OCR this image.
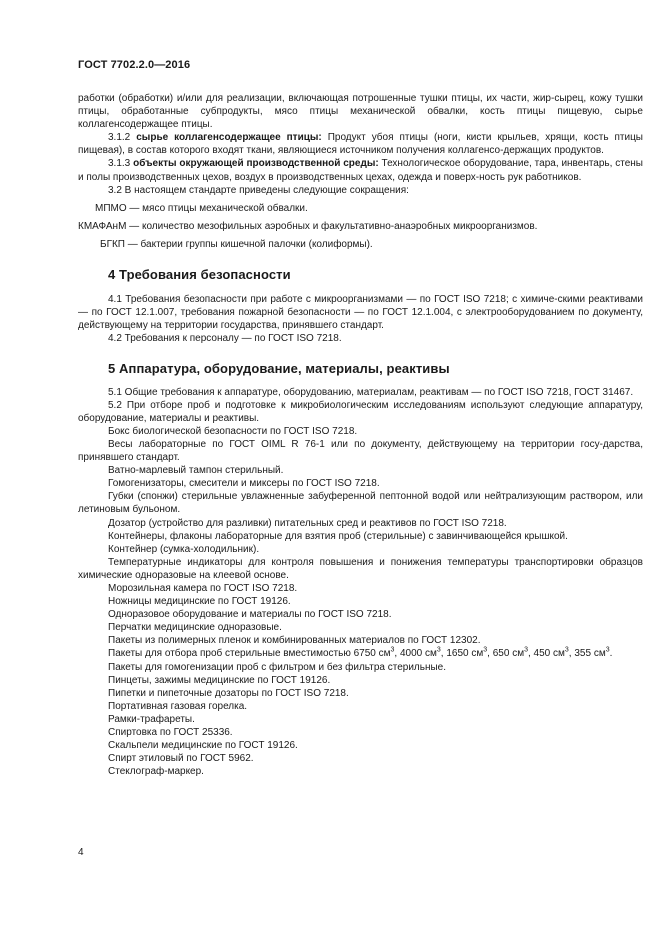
ГОСТ 7702.2.0—2016

работки (обработки) и/или для реализации, включающая потрошенные тушки птицы, их части, жир-сырец, кожу тушки птицы, обработанные субпродукты, мясо птицы механической обвалки, кость птицы пищевую, сырье коллагенсодержащее птицы.

3.1.2 сырье коллагенсодержащее птицы: Продукт убоя птицы (ноги, кисти крыльев, хрящи, кость птицы пищевая), в состав которого входят ткани, являющиеся источником получения коллагенсо-держащих продуктов.

3.1.3 объекты окружающей производственной среды: Технологическое оборудование, тара, инвентарь, стены и полы производственных цехов, воздух в производственных цехах, одежда и поверх-ность рук работников.

3.2 В настоящем стандарте приведены следующие сокращения:

МПМО — мясо птицы механической обвалки.

КМАФАнМ — количество мезофильных аэробных и факультативно-анаэробных микроорганизмов.

БГКП — бактерии группы кишечной палочки (колиформы).

4 Требования безопасности

4.1 Требования безопасности при работе с микроорганизмами — по ГОСТ ISO 7218; с химиче-скими реактивами — по ГОСТ 12.1.007, требования пожарной безопасности — по ГОСТ 12.1.004, с электрооборудованием по документу, действующему на территории государства, принявшего стандарт.

4.2 Требования к персоналу — по ГОСТ ISO 7218.

5 Аппаратура, оборудование, материалы, реактивы

5.1 Общие требования к аппаратуре, оборудованию, материалам, реактивам — по ГОСТ ISO 7218, ГОСТ 31467.

5.2 При отборе проб и подготовке к микробиологическим исследованиям используют следующие аппаратуру, оборудование, материалы и реактивы.

Бокс биологической безопасности по ГОСТ ISO 7218.

Весы лабораторные по ГОСТ OIML R 76-1 или по документу, действующему на территории госу-дарства, принявшего стандарт.

Ватно-марлевый тампон стерильный.

Гомогенизаторы, смесители и миксеры по ГОСТ ISO 7218.

Губки (спонжи) стерильные увлажненные забуференной пептонной водой или нейтрализующим раствором, или летиновым бульоном.

Дозатор (устройство для разливки) питательных сред и реактивов по ГОСТ ISO 7218.

Контейнеры, флаконы лабораторные для взятия проб (стерильные) с завинчивающейся крышкой.

Контейнер (сумка-холодильник).

Температурные индикаторы для контроля повышения и понижения температуры транспортировки образцов химические одноразовые на клеевой основе.

Морозильная камера по ГОСТ ISO 7218.

Ножницы медицинские по ГОСТ 19126.

Одноразовое оборудование и материалы по ГОСТ ISO 7218.

Перчатки медицинские одноразовые.

Пакеты из полимерных пленок и комбинированных материалов по ГОСТ 12302.

Пакеты для отбора проб стерильные вместимостью 6750 $см^3$, 4000 $см^3$, 1650 $см^3$, 650 $см^3$, 450 $см^3$, 355 $см^3$.

Пакеты для гомогенизации проб с фильтром и без фильтра стерильные.

Пинцеты, зажимы медицинские по ГОСТ 19126.

Пипетки и пипеточные дозаторы по ГОСТ ISO 7218.

Портативная газовая горелка.

Рамки-трафареты.

Спиртовка по ГОСТ 25336.

Скальпели медицинские по ГОСТ 19126.

Спирт этиловый по ГОСТ 5962.

Стеклограф-маркер.

4
